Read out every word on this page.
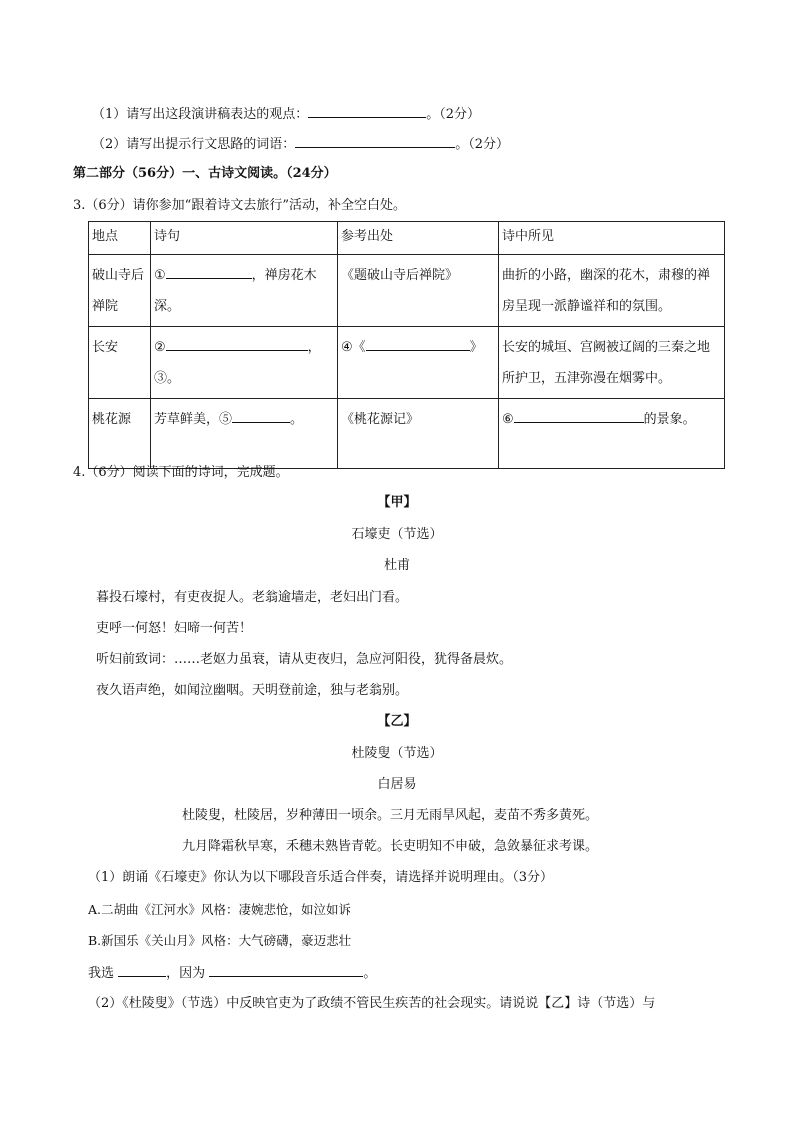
（1）请写出这段演讲稿表达的观点：	。（2分）
（2）请写出提示行文思路的词语：	。（2分）
第二部分（56分）一、古诗文阅读。（24分）
3.（6分）请你参加“跟着诗文去旅行”活动，补全空白处。
地点	诗句	参考出处	诗中所见
破山寺后禅院	① ，禅房花木深。	《题破山寺后禅院》	曲折的小路，幽深的花木，肃穆的禅房呈现一派静谧祥和的氛围。
长安	② ，③。	④《 》	长安的城垣、宫阙被辽阔的三秦之地所护卫，五津弥漫在烟雾中。
桃花源	芳草鲜美，⑤ 。	《桃花源记》	⑥ 的景象。
4.（6分）阅读下面的诗词，完成题。
【甲】
石壕吏（节选）
杜甫
暮投石壕村，有吏夜捉人。老翁逾墙走，老妇出门看。
吏呼一何怒！妇啼一何苦！
听妇前致词：……老妪力虽衰，请从吏夜归，急应河阳役，犹得备晨炊。
夜久语声绝，如闻泣幽咽。天明登前途，独与老翁别。
【乙】
杜陵叟（节选）
白居易
杜陵叟，杜陵居，岁种薄田一顷余。三月无雨旱风起，麦苗不秀多黄死。
九月降霜秋早寒，禾穗未熟皆青乾。长吏明知不申破，急敛暴征求考课。
（1）朗诵《石壕吏》你认为以下哪段音乐适合伴奏，请选择并说明理由。（3分）
A.二胡曲《江河水》风格：凄婉悲怆，如泣如诉
B.新国乐《关山月》风格：大气磅礴，豪迈悲壮
我选	，因为	。
（2）《杜陵叟》（节选）中反映官吏为了政绩不管民生疾苦的社会现实。请说说【乙】诗（节选）与
